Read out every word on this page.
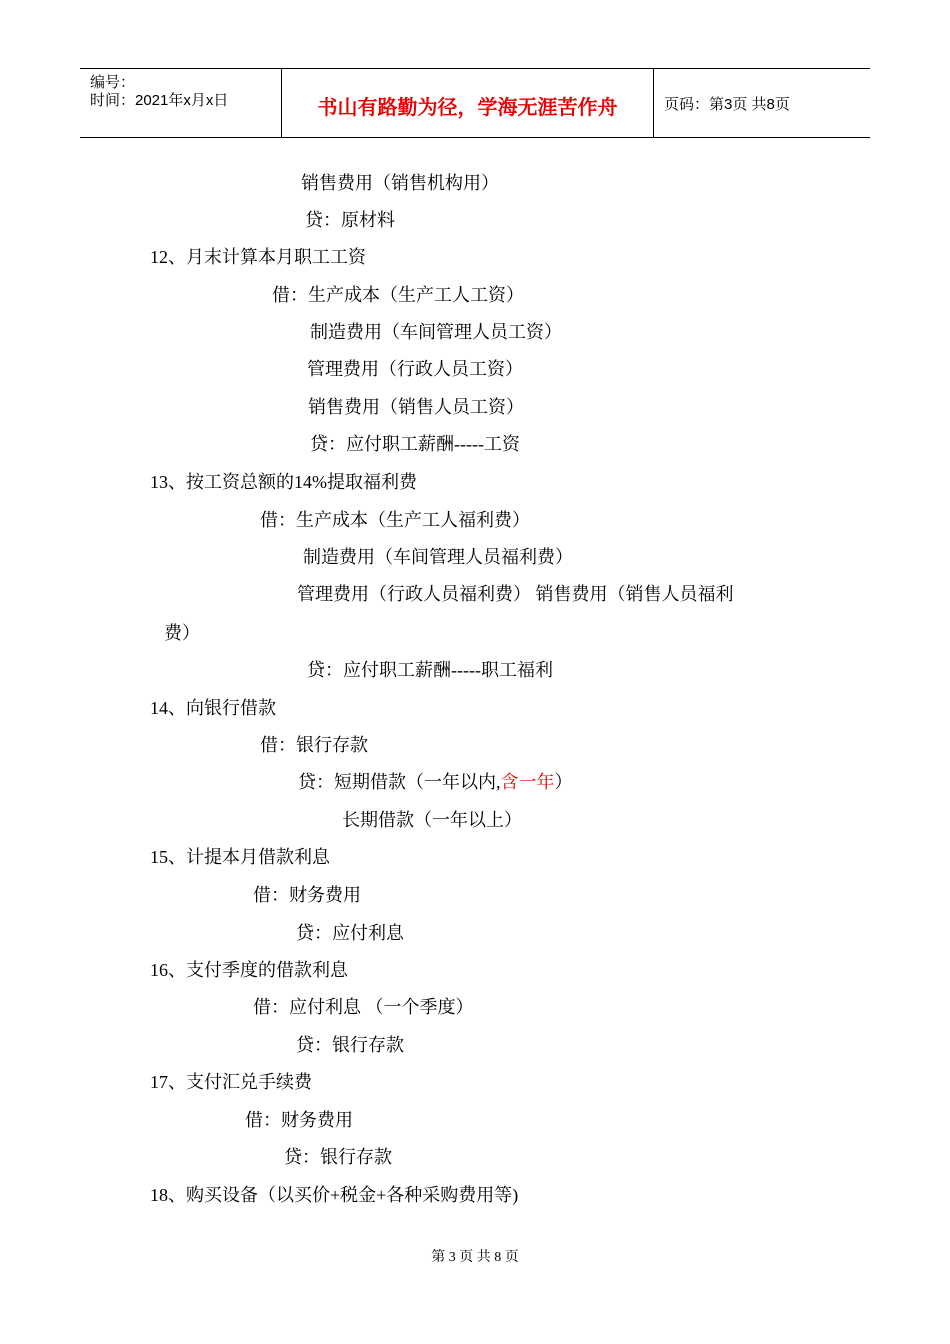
编号：
时间：2021年x月x日	书山有路勤为径，学海无涯苦作舟	页码：第3页 共8页
销售费用（销售机构用）
贷：原材料
12、月末计算本月职工工资
借：生产成本（生产工人工资）
制造费用（车间管理人员工资）
管理费用（行政人员工资）
销售费用（销售人员工资）
贷：应付职工薪酬-----工资
13、按工资总额的14%提取福利费
借：生产成本（生产工人福利费）
制造费用（车间管理人员福利费）
管理费用（行政人员福利费） 销售费用（销售人员福利
费）
贷：应付职工薪酬-----职工福利
14、向银行借款
借：银行存款
贷：短期借款（一年以内,含一年）
长期借款（一年以上）
15、计提本月借款利息
借：财务费用
贷：应付利息
16、支付季度的借款利息
借：应付利息 （一个季度）
贷：银行存款
17、支付汇兑手续费
借：财务费用
贷：银行存款
18、购买设备（以买价+税金+各种采购费用等)
第 3 页 共 8 页
